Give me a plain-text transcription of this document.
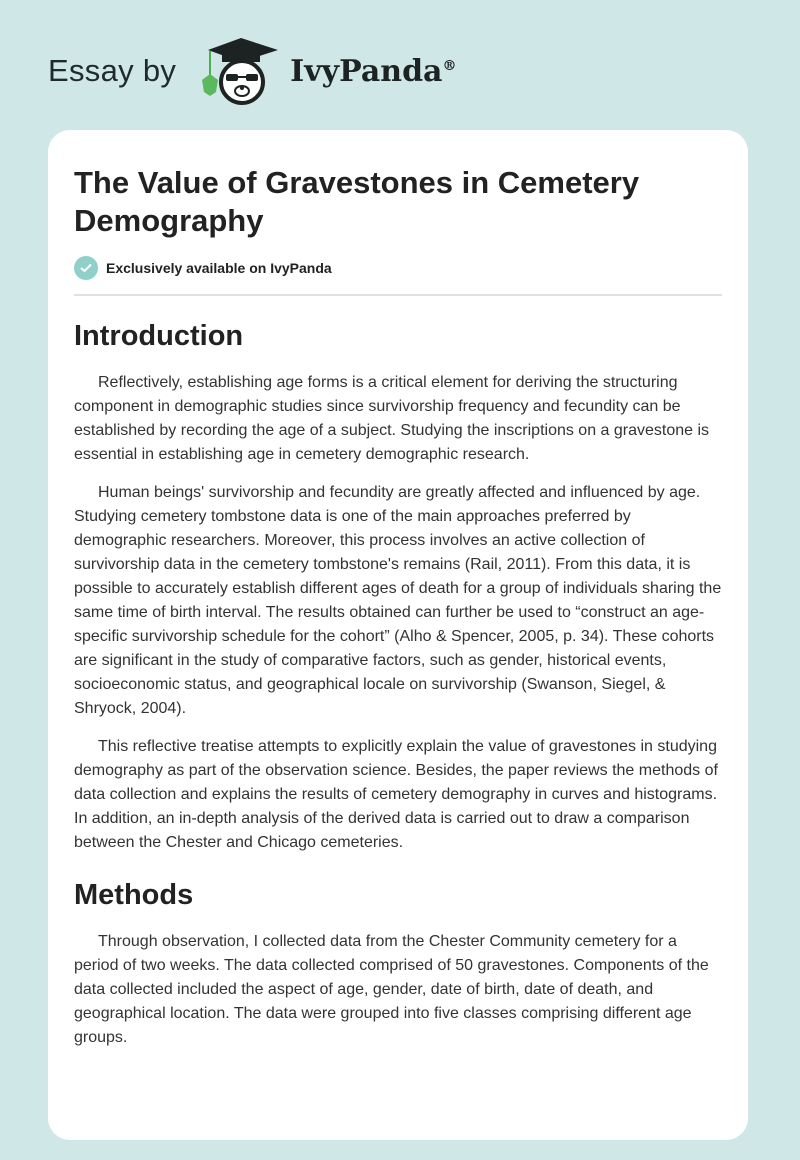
Essay by	IvyPanda®
The Value of Gravestones in Cemetery Demography
Exclusively available on IvyPanda
Introduction

Reflectively, establishing age forms is a critical element for deriving the structuring component in demographic studies since survivorship frequency and fecundity can be established by recording the age of a subject. Studying the inscriptions on a gravestone is essential in establishing age in cemetery demographic research.

Human beings' survivorship and fecundity are greatly affected and influenced by age. Studying cemetery tombstone data is one of the main approaches preferred by demographic researchers. Moreover, this process involves an active collection of survivorship data in the cemetery tombstone's remains (Rail, 2011). From this data, it is possible to accurately establish different ages of death for a group of individuals sharing the same time of birth interval. The results obtained can further be used to “construct an age-specific survivorship schedule for the cohort” (Alho & Spencer, 2005, p. 34). These cohorts are significant in the study of comparative factors, such as gender, historical events, socioeconomic status, and geographical locale on survivorship (Swanson, Siegel, & Shryock, 2004).

This reflective treatise attempts to explicitly explain the value of gravestones in studying demography as part of the observation science. Besides, the paper reviews the methods of data collection and explains the results of cemetery demography in curves and histograms. In addition, an in-depth analysis of the derived data is carried out to draw a comparison between the Chester and Chicago cemeteries.

Methods

Through observation, I collected data from the Chester Community cemetery for a period of two weeks. The data collected comprised of 50 gravestones. Components of the data collected included the aspect of age, gender, date of birth, date of death, and geographical location. The data were grouped into five classes comprising different age groups.
